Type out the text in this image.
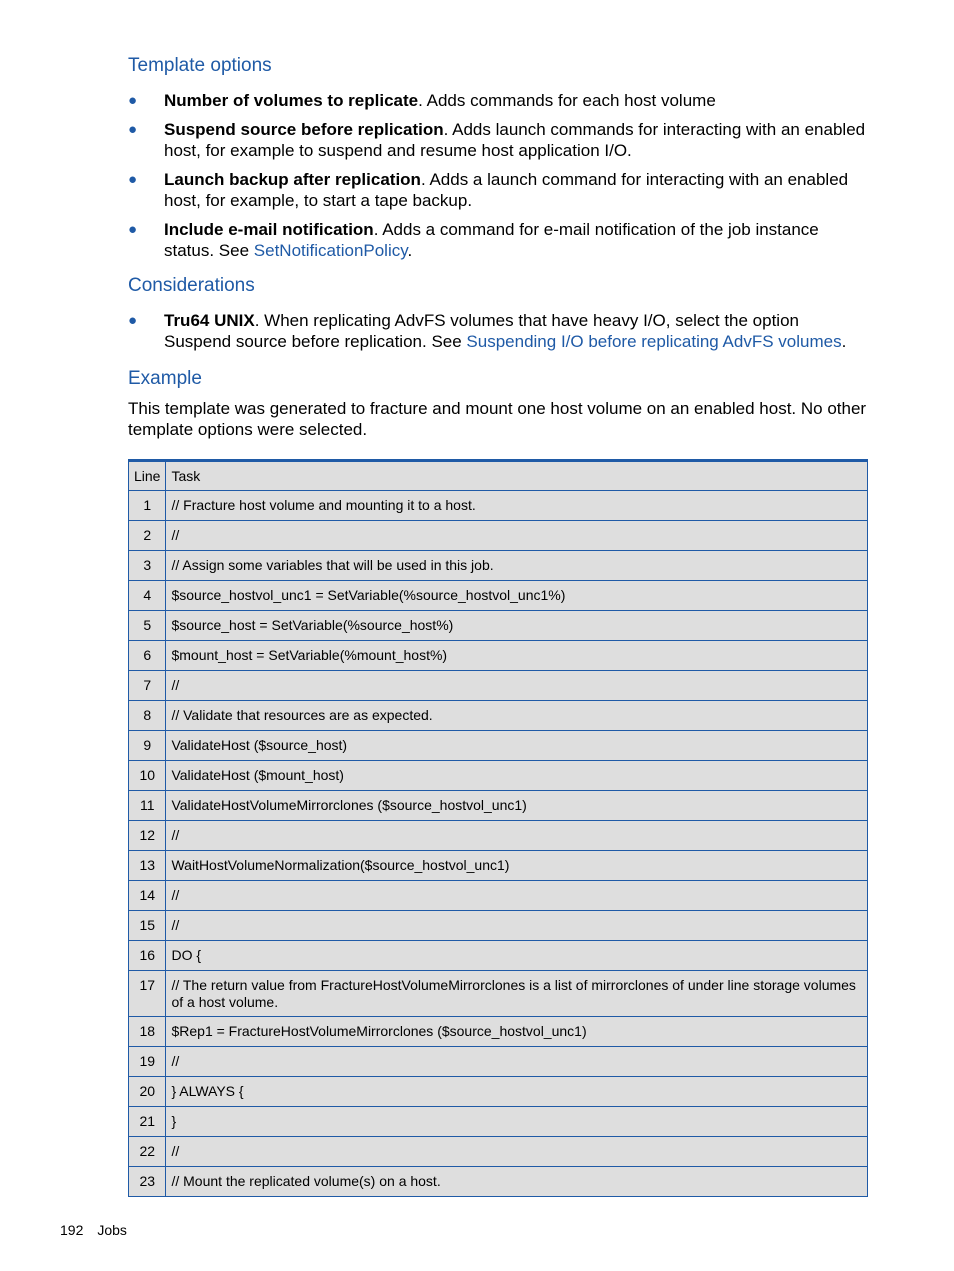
Template options
● Number of volumes to replicate. Adds commands for each host volume
● Suspend source before replication. Adds launch commands for interacting with an enabled host, for example to suspend and resume host application I/O.
● Launch backup after replication. Adds a launch command for interacting with an enabled host, for example, to start a tape backup.
● Include e-mail notification. Adds a command for e-mail notification of the job instance status. See SetNotificationPolicy.
Considerations
● Tru64 UNIX. When replicating AdvFS volumes that have heavy I/O, select the option Suspend source before replication. See Suspending I/O before replicating AdvFS volumes.
Example

This template was generated to fracture and mount one host volume on an enabled host. No other template options were selected.

Line	Task
1	// Fracture host volume and mounting it to a host.
2	//
3	// Assign some variables that will be used in this job.
4	$source_hostvol_unc1 = SetVariable(%source_hostvol_unc1%)
5	$source_host = SetVariable(%source_host%)
6	$mount_host = SetVariable(%mount_host%)
7	//
8	// Validate that resources are as expected.
9	ValidateHost ($source_host)
10	ValidateHost ($mount_host)
11	ValidateHostVolumeMirrorclones ($source_hostvol_unc1)
12	//
13	WaitHostVolumeNormalization($source_hostvol_unc1)
14	//
15	//
16	DO {
17	// The return value from FractureHostVolumeMirrorclones is a list of mirrorclones of under line storage volumes of a host volume.
18	$Rep1 = FractureHostVolumeMirrorclones ($source_hostvol_unc1)
19	//
20	} ALWAYS {
21	}
22	//
23	// Mount the replicated volume(s) on a host.
192 Jobs
